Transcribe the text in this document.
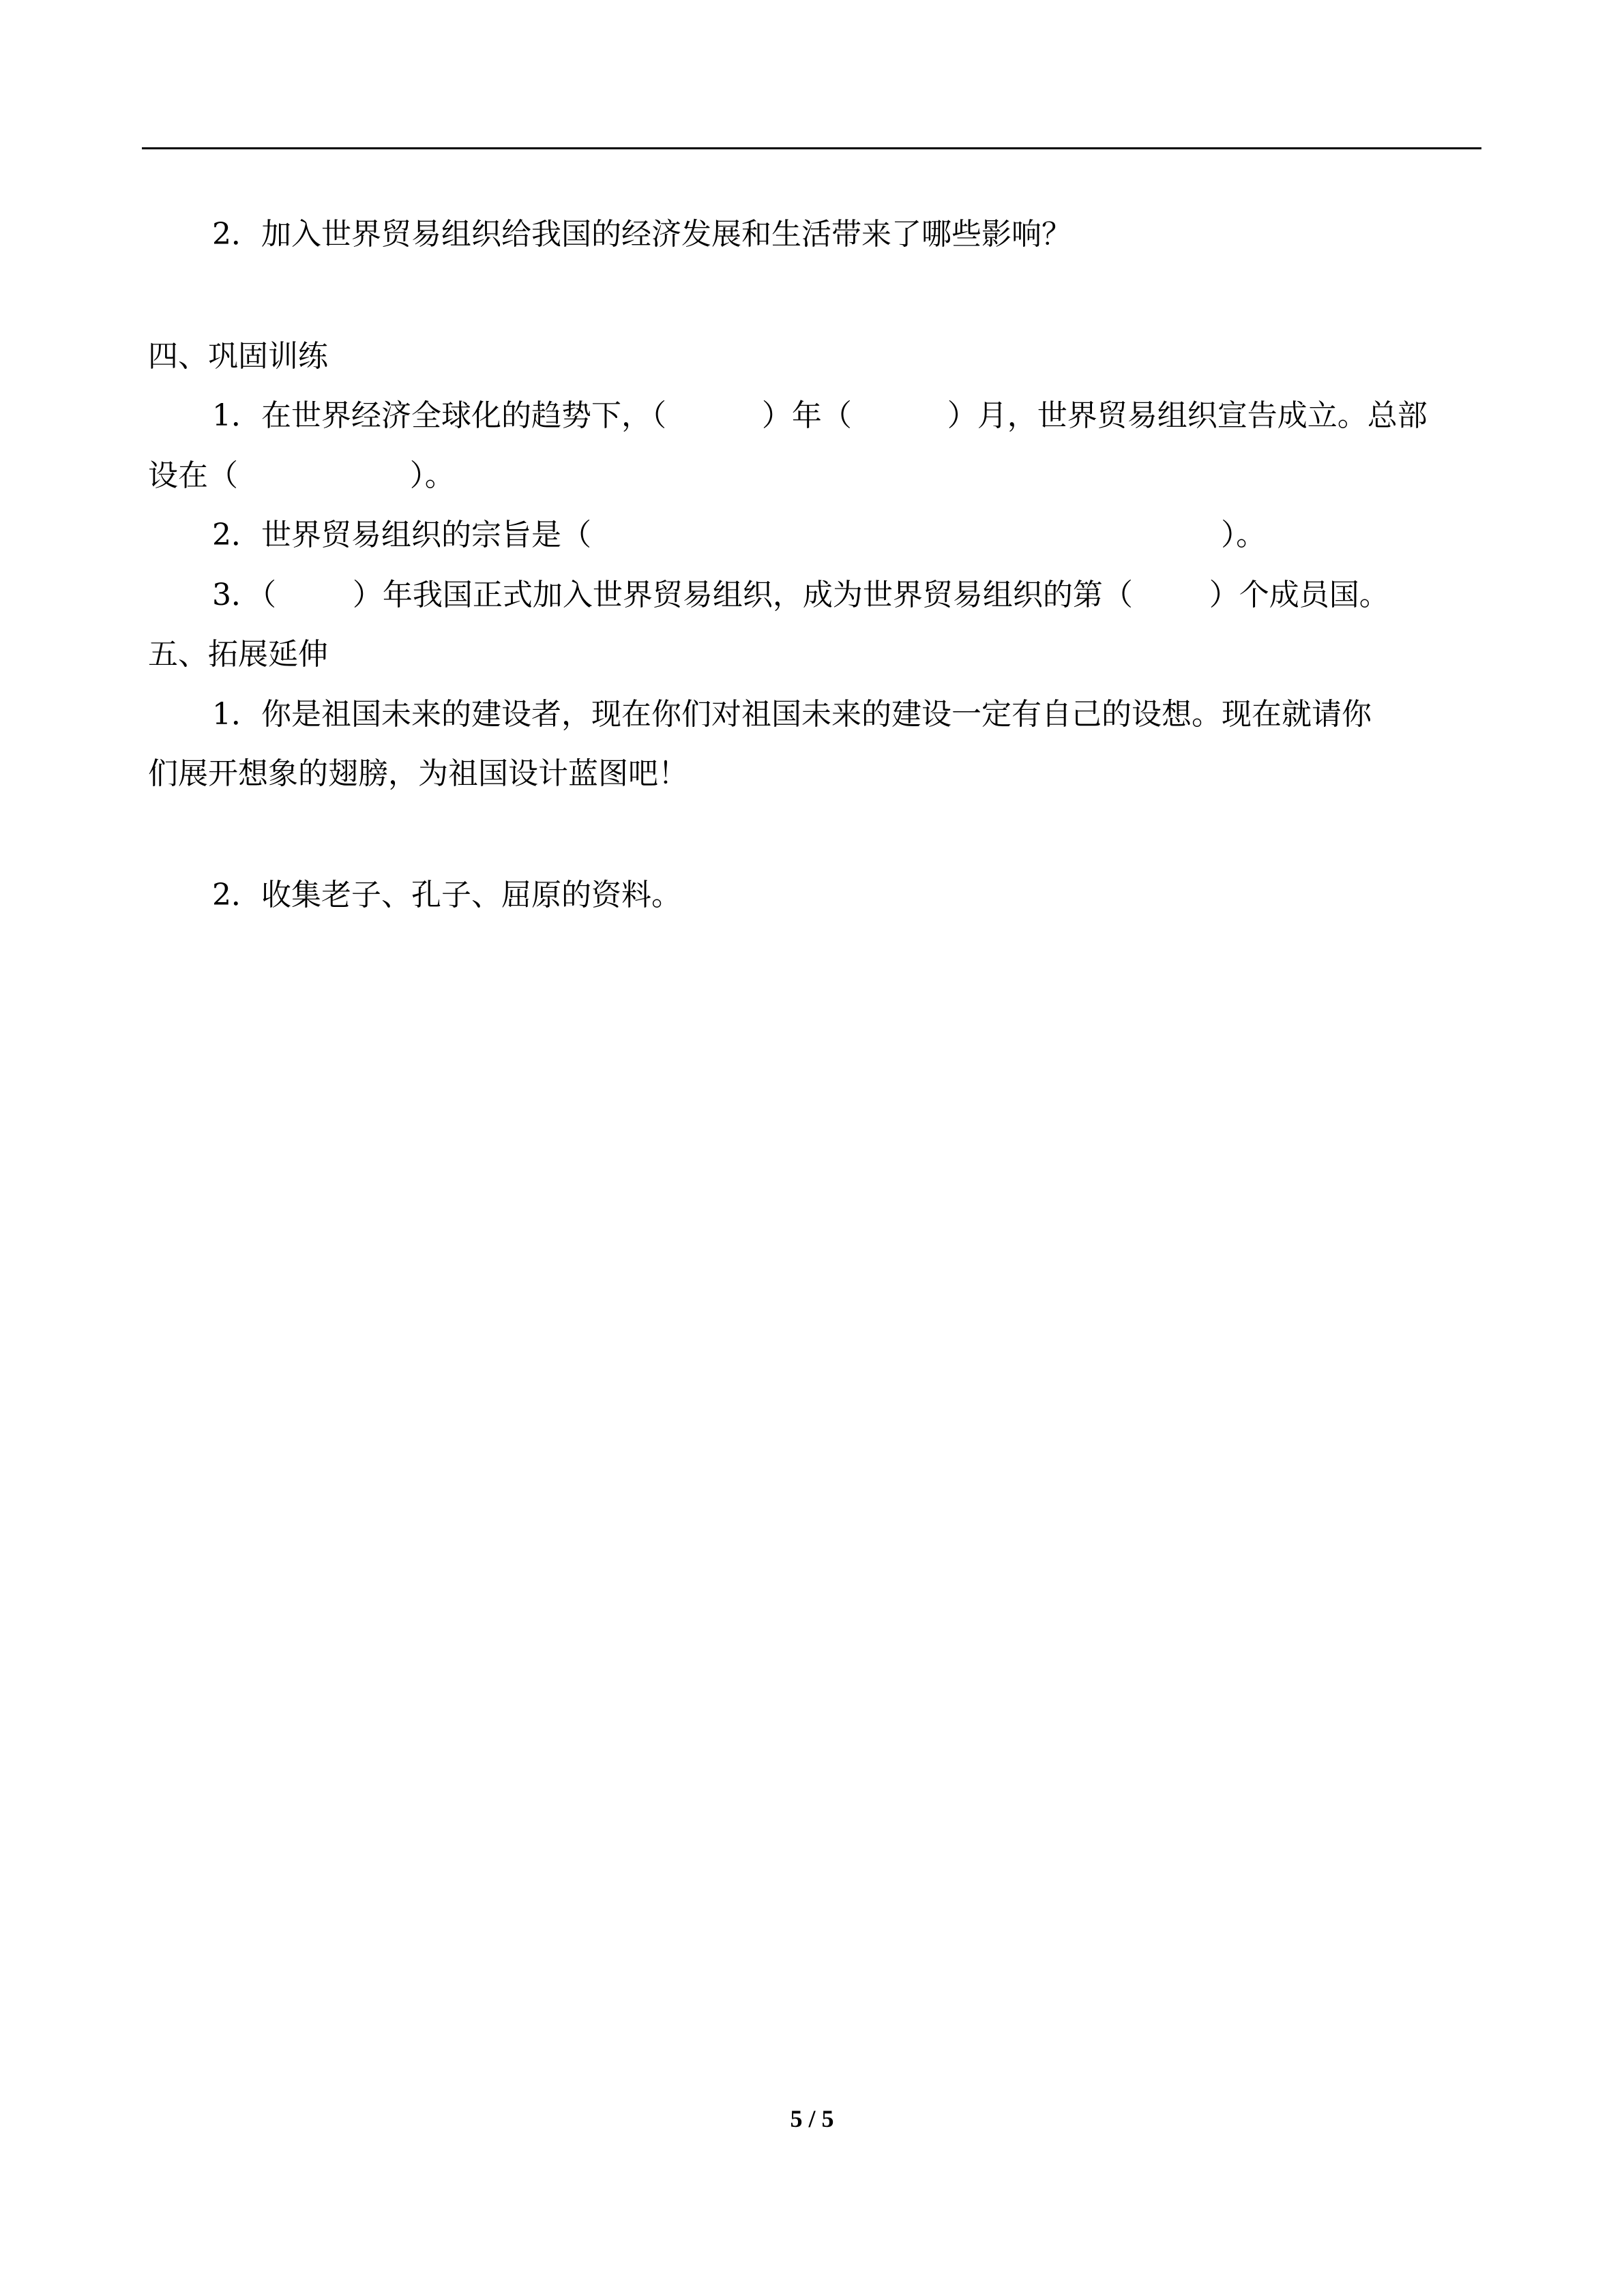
2．加入世界贸易组织给我国的经济发展和生活带来了哪些影响？
四、巩固训练
1．在世界经济全球化的趋势下，（          ）年（          ）月，世界贸易组织宣告成立。总部
设在（                  ）。
2．世界贸易组织的宗旨是（                                                                  ）。
3．（        ）年我国正式加入世界贸易组织，成为世界贸易组织的第（        ）个成员国。
五、拓展延伸
1．你是祖国未来的建设者，现在你们对祖国未来的建设一定有自己的设想。现在就请你
们展开想象的翅膀，为祖国设计蓝图吧！
2．收集老子、孔子、屈原的资料。
5 / 5
